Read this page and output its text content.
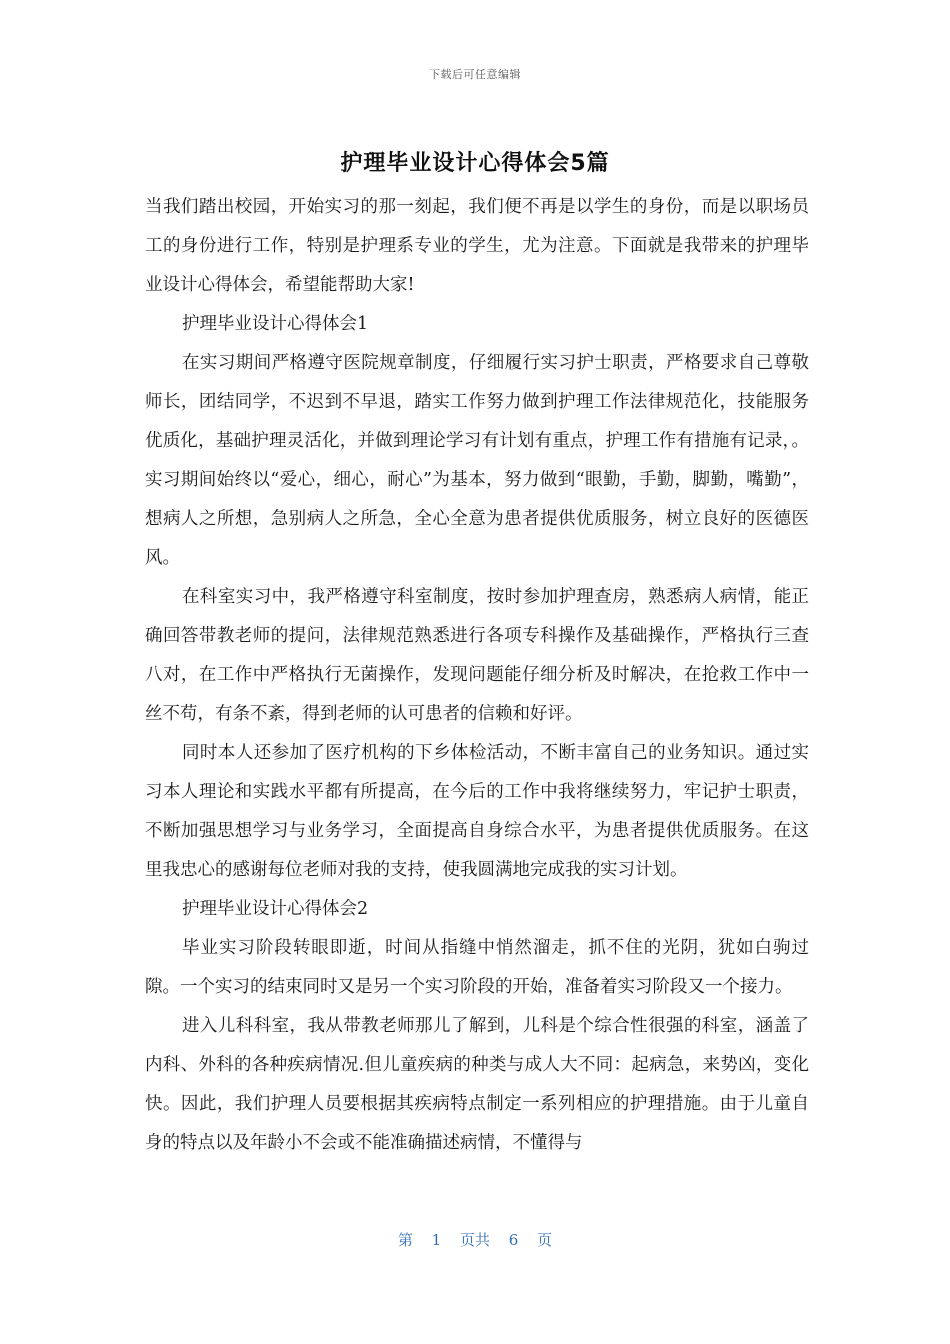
下载后可任意编辑
护理毕业设计心得体会5篇

当我们踏出校园，开始实习的那一刻起，我们便不再是以学生的身份，而是以职场员工的身份进行工作，特别是护理系专业的学生，尤为注意。下面就是我带来的护理毕业设计心得体会，希望能帮助大家!

护理毕业设计心得体会1

在实习期间严格遵守医院规章制度，仔细履行实习护士职责，严格要求自己尊敬师长，团结同学，不迟到不早退，踏实工作努力做到护理工作法律规范化，技能服务优质化，基础护理灵活化，并做到理论学习有计划有重点，护理工作有措施有记录，。实习期间始终以“爱心，细心，耐心”为基本，努力做到“眼勤，手勤，脚勤，嘴勤”，想病人之所想，急别病人之所急，全心全意为患者提供优质服务，树立良好的医德医风。

在科室实习中，我严格遵守科室制度，按时参加护理查房，熟悉病人病情，能正确回答带教老师的提问，法律规范熟悉进行各项专科操作及基础操作，严格执行三查八对，在工作中严格执行无菌操作，发现问题能仔细分析及时解决，在抢救工作中一丝不苟，有条不紊，得到老师的认可患者的信赖和好评。

同时本人还参加了医疗机构的下乡体检活动，不断丰富自己的业务知识。通过实习本人理论和实践水平都有所提高，在今后的工作中我将继续努力，牢记护士职责，不断加强思想学习与业务学习，全面提高自身综合水平，为患者提供优质服务。在这里我忠心的感谢每位老师对我的支持，使我圆满地完成我的实习计划。

护理毕业设计心得体会2

毕业实习阶段转眼即逝，时间从指缝中悄然溜走，抓不住的光阴，犹如白驹过隙。一个实习的结束同时又是另一个实习阶段的开始，准备着实习阶段又一个接力。

进入儿科科室，我从带教老师那儿了解到，儿科是个综合性很强的科室，涵盖了内科、外科的各种疾病情况.但儿童疾病的种类与成人大不同：起病急，来势凶，变化快。因此，我们护理人员要根据其疾病特点制定一系列相应的护理措施。由于儿童自身的特点以及年龄小不会或不能准确描述病情，不懂得与

第 1 页共 6 页
